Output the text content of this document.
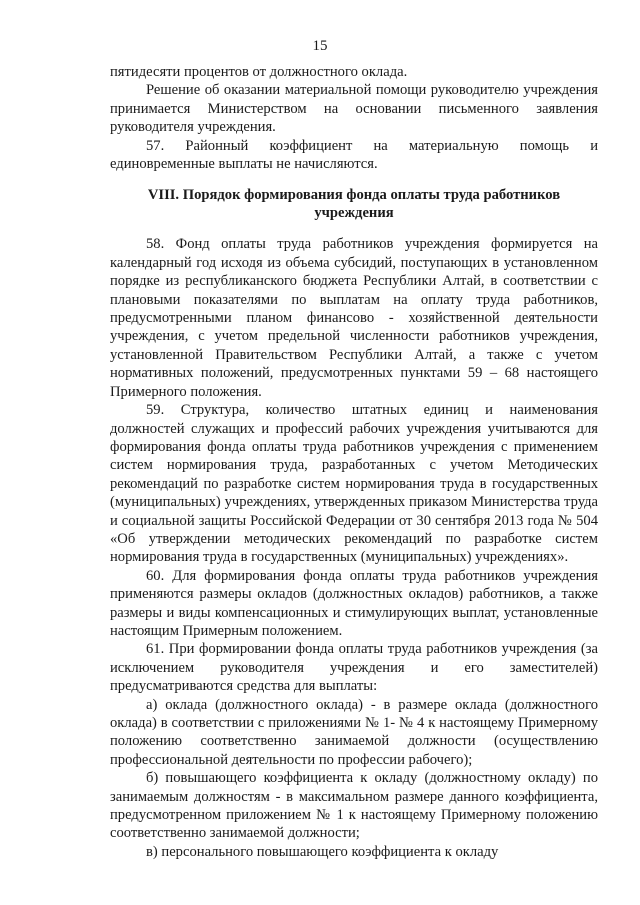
15

пятидесяти процентов от должностного оклада.

Решение об оказании материальной помощи руководителю учреждения принимается Министерством на основании письменного заявления руководителя учреждения.

57. Районный коэффициент на материальную помощь и единовременные выплаты не начисляются.

VIII. Порядок формирования фонда оплаты труда работников учреждения

58. Фонд оплаты труда работников учреждения формируется на календарный год исходя из объема субсидий, поступающих в установленном порядке из республиканского бюджета Республики Алтай, в соответствии с плановыми показателями по выплатам на оплату труда работников, предусмотренными планом финансово - хозяйственной деятельности учреждения, с учетом предельной численности работников учреждения, установленной Правительством Республики Алтай, а также с учетом нормативных положений, предусмотренных пунктами 59 – 68 настоящего Примерного положения.

59. Структура, количество штатных единиц и наименования должностей служащих и профессий рабочих учреждения учитываются для формирования фонда оплаты труда работников учреждения с применением систем нормирования труда, разработанных с учетом Методических рекомендаций по разработке систем нормирования труда в государственных (муниципальных) учреждениях, утвержденных приказом Министерства труда и социальной защиты Российской Федерации от 30 сентября 2013 года № 504 «Об утверждении методических рекомендаций по разработке систем нормирования труда в государственных (муниципальных) учреждениях».

60. Для формирования фонда оплаты труда работников учреждения применяются размеры окладов (должностных окладов) работников, а также размеры и виды компенсационных и стимулирующих выплат, установленные настоящим Примерным положением.

61. При формировании фонда оплаты труда работников учреждения (за исключением руководителя учреждения и его заместителей) предусматриваются средства для выплаты:

а) оклада (должностного оклада) - в размере оклада (должностного оклада) в соответствии с приложениями № 1- № 4 к настоящему Примерному положению соответственно занимаемой должности (осуществлению профессиональной деятельности по профессии рабочего);

б) повышающего коэффициента к окладу (должностному окладу) по занимаемым должностям - в максимальном размере данного коэффициента, предусмотренном приложением № 1 к настоящему Примерному положению соответственно занимаемой должности;

в) персонального повышающего коэффициента к окладу
